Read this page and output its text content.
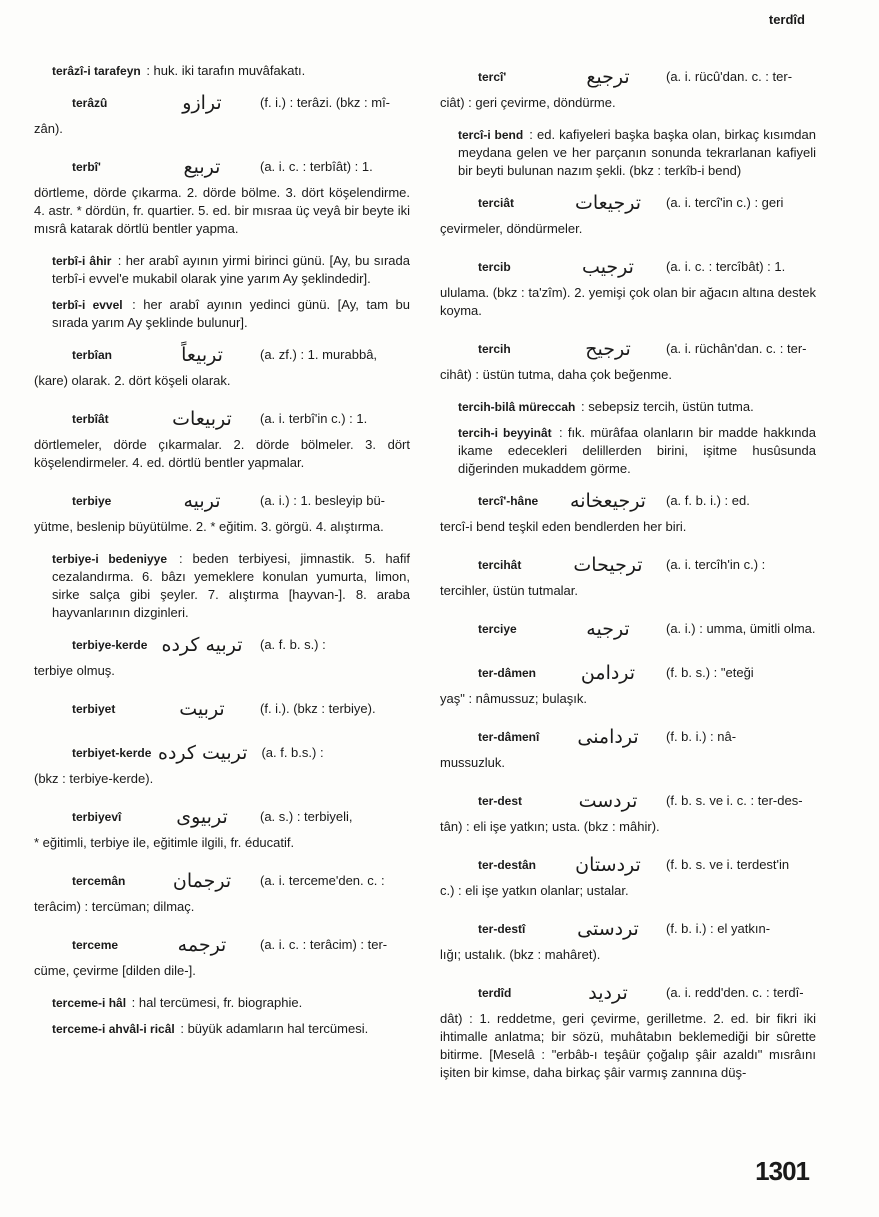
terdîd
terâzî-i tarafeyn : huk. iki tarafın muvâfakatı.
terâzû	ترازو	(f. i.) : terâzi. (bkz : mî-
zân).
terbî'	تربيع	(a. i. c. : terbîât) : 1.
dörtleme, dörde çıkarma. 2. dörde bölme. 3. dört köşelendirme. 4. astr. * dördün, fr. quartier. 5. ed. bir mısraa üç veyâ bir beyte iki mısrâ katarak dörtlü bentler yapma.
terbî-i âhir : her arabî ayının yirmi birinci günü. [Ay, bu sırada terbî-i evvel'e mukabil olarak yine yarım Ay şeklindedir].
terbî-i evvel : her arabî ayının yedinci günü. [Ay, tam bu sırada yarım Ay şeklinde bulunur].
terbîan	تربيعاً	(a. zf.) : 1. murabbâ,
(kare) olarak. 2. dört köşeli olarak.
terbîât	تربيعات	(a. i. terbî'in c.) : 1.
dörtlemeler, dörde çıkarmalar. 2. dörde bölmeler. 3. dört köşelendirmeler. 4. ed. dörtlü bentler yapmalar.
terbiye	تربيه	(a. i.) : 1. besleyip bü-
yütme, beslenip büyütülme. 2. * eğitim. 3. görgü. 4. alıştırma.
terbiye-i bedeniyye : beden terbiyesi, jimnastik. 5. hafif cezalandırma. 6. bâzı yemeklere konulan yumurta, limon, sirke salça gibi şeyler. 7. alıştırma [hayvan-]. 8. araba hayvanlarının dizginleri.
terbiye-kerde تربيه كرده (a. f. b. s.) :
terbiye olmuş.
terbiyet	تربيت	(f. i.). (bkz : terbiye).
terbiyet-kerde تربيت كرده (a. f. b.s.) :
(bkz : terbiye-kerde).
terbiyevî	تربيوى	(a. s.) : terbiyeli,
* eğitimli, terbiye ile, eğitimle ilgili, fr. éducatif.
tercemân	ترجمان	(a. i. terceme'den. c. :
terâcim) : tercüman; dilmaç.
terceme	ترجمه	(a. i. c. : terâcim) : ter-
cüme, çevirme [dilden dile-].
terceme-i hâl : hal tercümesi, fr. biographie.
terceme-i ahvâl-i ricâl : büyük adamların hal tercümesi.
tercî'	ترجيع	(a. i. rücû'dan. c. : ter-
ciât) : geri çevirme, döndürme.
tercî-i bend : ed. kafiyeleri başka başka olan, birkaç kısımdan meydana gelen ve her parçanın sonunda tekrarlanan kafiyeli bir beyti bulunan nazım şekli. (bkz : terkîb-i bend)
terciât	ترجيعات	(a. i. tercî'in c.) : geri
çevirmeler, döndürmeler.
tercib	ترجيب	(a. i. c. : tercîbât) : 1.
ululama. (bkz : ta'zîm). 2. yemişi çok olan bir ağacın altına destek koyma.
tercih	ترجيح	(a. i. rüchân'dan. c. : ter-
cihât) : üstün tutma, daha çok beğenme.
tercih-bilâ müreccah : sebepsiz tercih, üstün tutma.
tercih-i beyyinât : fık. mürâfaa olanların bir madde hakkında ikame edecekleri delillerden birini, işitme husûsunda diğerinden mukaddem görme.
tercî'-hâne	ترجيعخانه	(a. f. b. i.) : ed.
tercî-i bend teşkil eden bendlerden her biri.
tercihât	ترجيحات	(a. i. tercîh'in c.) :
tercihler, üstün tutmalar.
terciye	ترجيه	(a. i.) : umma, ümitli olma.
ter-dâmen	تردامن	(f. b. s.) : "eteği
yaş" : nâmussuz; bulaşık.
ter-dâmenî	تردامنى	(f. b. i.) : nâ-
mussuzluk.
ter-dest	تردست	(f. b. s. ve i. c. : ter-des-
tân) : eli işe yatkın; usta. (bkz : mâhir).
ter-destân	تردستان	(f. b. s. ve i. terdest'in
c.) : eli işe yatkın olanlar; ustalar.
ter-destî	تردستى	(f. b. i.) : el yatkın-
lığı; ustalık. (bkz : mahâret).
terdîd	ترديد	(a. i. redd'den. c. : terdî-
dât) : 1. reddetme, geri çevirme, gerilletme. 2. ed. bir fikri iki ihtimalle anlatma; bir sözü, muhâtabın beklemediği bir sûrette bitirme. [Meselâ : "erbâb-ı teşâür çoğalıp şâir azaldı" mısrâını işiten bir kimse, daha birkaç şâir varmış zannına düş-
1301
